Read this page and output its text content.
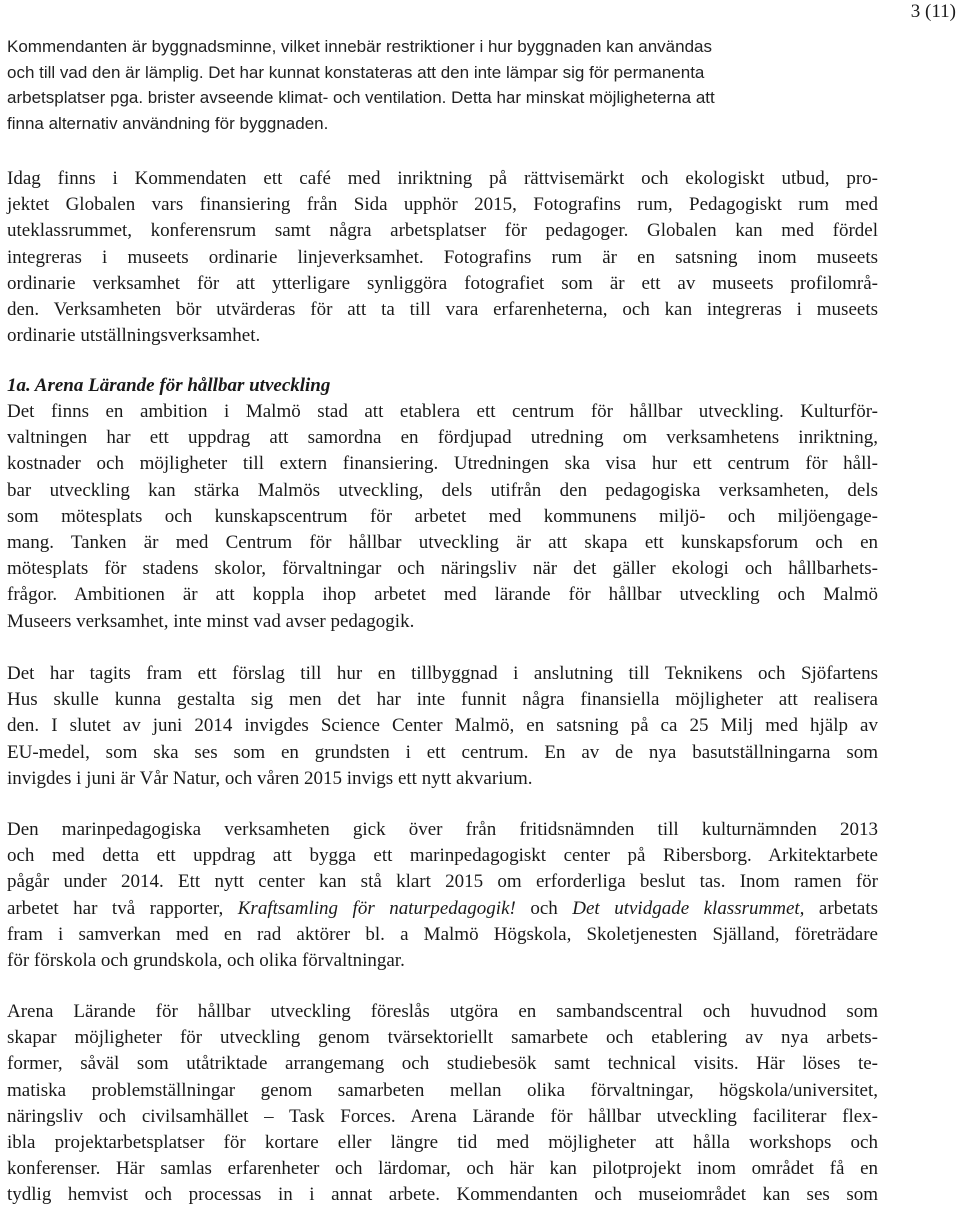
3 (11)
Kommendanten är byggnadsminne, vilket innebär restriktioner i hur byggnaden kan användas
och till vad den är lämplig. Det har kunnat konstateras att den inte lämpar sig för permanenta
arbetsplatser pga. brister avseende klimat- och ventilation. Detta har minskat möjligheterna att
finna alternativ användning för byggnaden.
Idag finns i Kommendaten ett café med inriktning på rättvisemärkt och ekologiskt utbud, pro-
jektet Globalen vars finansiering från Sida upphör 2015, Fotografins rum, Pedagogiskt rum med
uteklassrummet, konferensrum samt några arbetsplatser för pedagoger. Globalen kan med fördel
integreras i museets ordinarie linjeverksamhet. Fotografins rum är en satsning inom museets
ordinarie verksamhet för att ytterligare synliggöra fotografiet som är ett av museets profilområ-
den. Verksamheten bör utvärderas för att ta till vara erfarenheterna, och kan integreras i museets
ordinarie utställningsverksamhet.
1a. Arena Lärande för hållbar utveckling
Det finns en ambition i Malmö stad att etablera ett centrum för hållbar utveckling. Kulturför-
valtningen har ett uppdrag att samordna en fördjupad utredning om verksamhetens inriktning,
kostnader och möjligheter till extern finansiering. Utredningen ska visa hur ett centrum för håll-
bar utveckling kan stärka Malmös utveckling, dels utifrån den pedagogiska verksamheten, dels
som mötesplats och kunskapscentrum för arbetet med kommunens miljö- och miljöengage-
mang. Tanken är med Centrum för hållbar utveckling är att skapa ett kunskapsforum och en
mötesplats för stadens skolor, förvaltningar och näringsliv när det gäller ekologi och hållbarhets-
frågor. Ambitionen är att koppla ihop arbetet med lärande för hållbar utveckling och Malmö
Museers verksamhet, inte minst vad avser pedagogik.
Det har tagits fram ett förslag till hur en tillbyggnad i anslutning till Teknikens och Sjöfartens
Hus skulle kunna gestalta sig men det har inte funnit några finansiella möjligheter att realisera
den. I slutet av juni 2014 invigdes Science Center Malmö, en satsning på ca 25 Milj med hjälp av
EU-medel, som ska ses som en grundsten i ett centrum. En av de nya basutställningarna som
invigdes i juni är Vår Natur, och våren 2015 invigs ett nytt akvarium.
Den marinpedagogiska verksamheten gick över från fritidsnämnden till kulturnämnden 2013
och med detta ett uppdrag att bygga ett marinpedagogiskt center på Ribersborg. Arkitektarbete
pågår under 2014. Ett nytt center kan stå klart 2015 om erforderliga beslut tas. Inom ramen för
arbetet har två rapporter, Kraftsamling för naturpedagogik! och Det utvidgade klassrummet, arbetats
fram i samverkan med en rad aktörer bl. a Malmö Högskola, Skoletjenesten Själland, företrädare
för förskola och grundskola, och olika förvaltningar.
Arena Lärande för hållbar utveckling föreslås utgöra en sambandscentral och huvudnod som
skapar möjligheter för utveckling genom tvärsektoriellt samarbete och etablering av nya arbets-
former, såväl som utåtriktade arrangemang och studiebesök samt technical visits. Här löses te-
matiska problemställningar genom samarbeten mellan olika förvaltningar, högskola/universitet,
näringsliv och civilsamhället – Task Forces. Arena Lärande för hållbar utveckling faciliterar flex-
ibla projektarbetsplatser för kortare eller längre tid med möjligheter att hålla workshops och
konferenser. Här samlas erfarenheter och lärdomar, och här kan pilotprojekt inom området få en
tydlig hemvist och processas in i annat arbete. Kommendanten och museiområdet kan ses som
